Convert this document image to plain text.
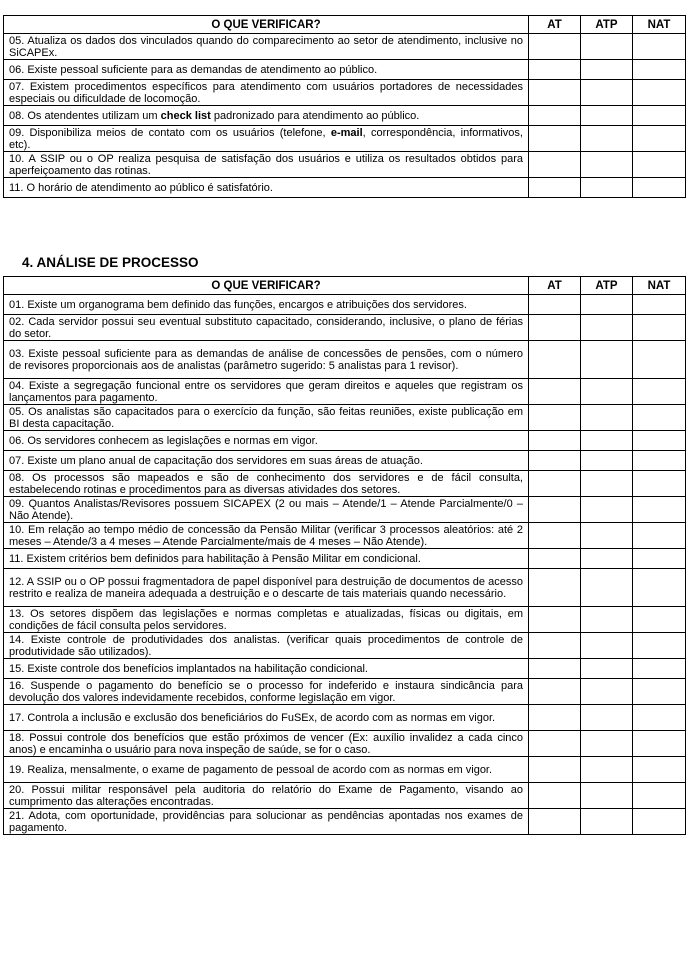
O QUE VERIFICAR?	AT	ATP	NAT
05. Atualiza os dados dos vinculados quando do comparecimento ao setor de atendimento, inclusive no SiCAPEx.			
06. Existe pessoal suficiente para as demandas de atendimento ao público.			
07. Existem procedimentos específicos para atendimento com usuários portadores de necessidades especiais ou dificuldade de locomoção.			
08. Os atendentes utilizam um check list padronizado para atendimento ao público.			
09. Disponibiliza meios de contato com os usuários (telefone, e-mail, correspondência, informativos, etc).			
10. A SSIP ou o OP realiza pesquisa de satisfação dos usuários e utiliza os resultados obtidos para aperfeiçoamento das rotinas.			
11. O horário de atendimento ao público é satisfatório.			
4. ANÁLISE DE PROCESSO
O QUE VERIFICAR?	AT	ATP	NAT
01. Existe um organograma bem definido das funções, encargos e atribuições dos servidores.			
02. Cada servidor possui seu eventual substituto capacitado, considerando, inclusive, o plano de férias do setor.			
03. Existe pessoal suficiente para as demandas de análise de concessões de pensões, com o número de revisores proporcionais aos de analistas (parâmetro sugerido: 5 analistas para 1 revisor).			
04. Existe a segregação funcional entre os servidores que geram direitos e aqueles que registram os lançamentos para pagamento.			
05. Os analistas são capacitados para o exercício da função, são feitas reuniões, existe publicação em BI desta capacitação.			
06. Os servidores conhecem as legislações e normas em vigor.			
07. Existe um plano anual de capacitação dos servidores em suas áreas de atuação.			
08. Os processos são mapeados e são de conhecimento dos servidores e de fácil consulta, estabelecendo rotinas e procedimentos para as diversas atividades dos setores.			
09. Quantos Analistas/Revisores possuem SICAPEX (2 ou mais – Atende/1 – Atende Parcialmente/0 – Não Atende).			
10. Em relação ao tempo médio de concessão da Pensão Militar (verificar 3 processos aleatórios: até 2 meses – Atende/3 a 4 meses – Atende Parcialmente/mais de 4 meses – Não Atende).			
11. Existem critérios bem definidos para habilitação à Pensão Militar em condicional.			
12. A SSIP ou o OP possui fragmentadora de papel disponível para destruição de documentos de acesso restrito e realiza de maneira adequada a destruição e o descarte de tais materiais quando necessário.			
13. Os setores dispõem das legislações e normas completas e atualizadas, físicas ou digitais, em condições de fácil consulta pelos servidores.			
14. Existe controle de produtividades dos analistas. (verificar quais procedimentos de controle de produtividade são utilizados).			
15. Existe controle dos benefícios implantados na habilitação condicional.			
16. Suspende o pagamento do benefício se o processo for indeferido e instaura sindicância para devolução dos valores indevidamente recebidos, conforme legislação em vigor.			
17. Controla a inclusão e exclusão dos beneficiários do FuSEx, de acordo com as normas em vigor.			
18. Possui controle dos benefícios que estão próximos de vencer (Ex: auxílio invalidez a cada cinco anos) e encaminha o usuário para nova inspeção de saúde, se for o caso.			
19. Realiza, mensalmente, o exame de pagamento de pessoal de acordo com as normas em vigor.			
20. Possui militar responsável pela auditoria do relatório do Exame de Pagamento, visando ao cumprimento das alterações encontradas.			
21. Adota, com oportunidade, providências para solucionar as pendências apontadas nos exames de pagamento.			
